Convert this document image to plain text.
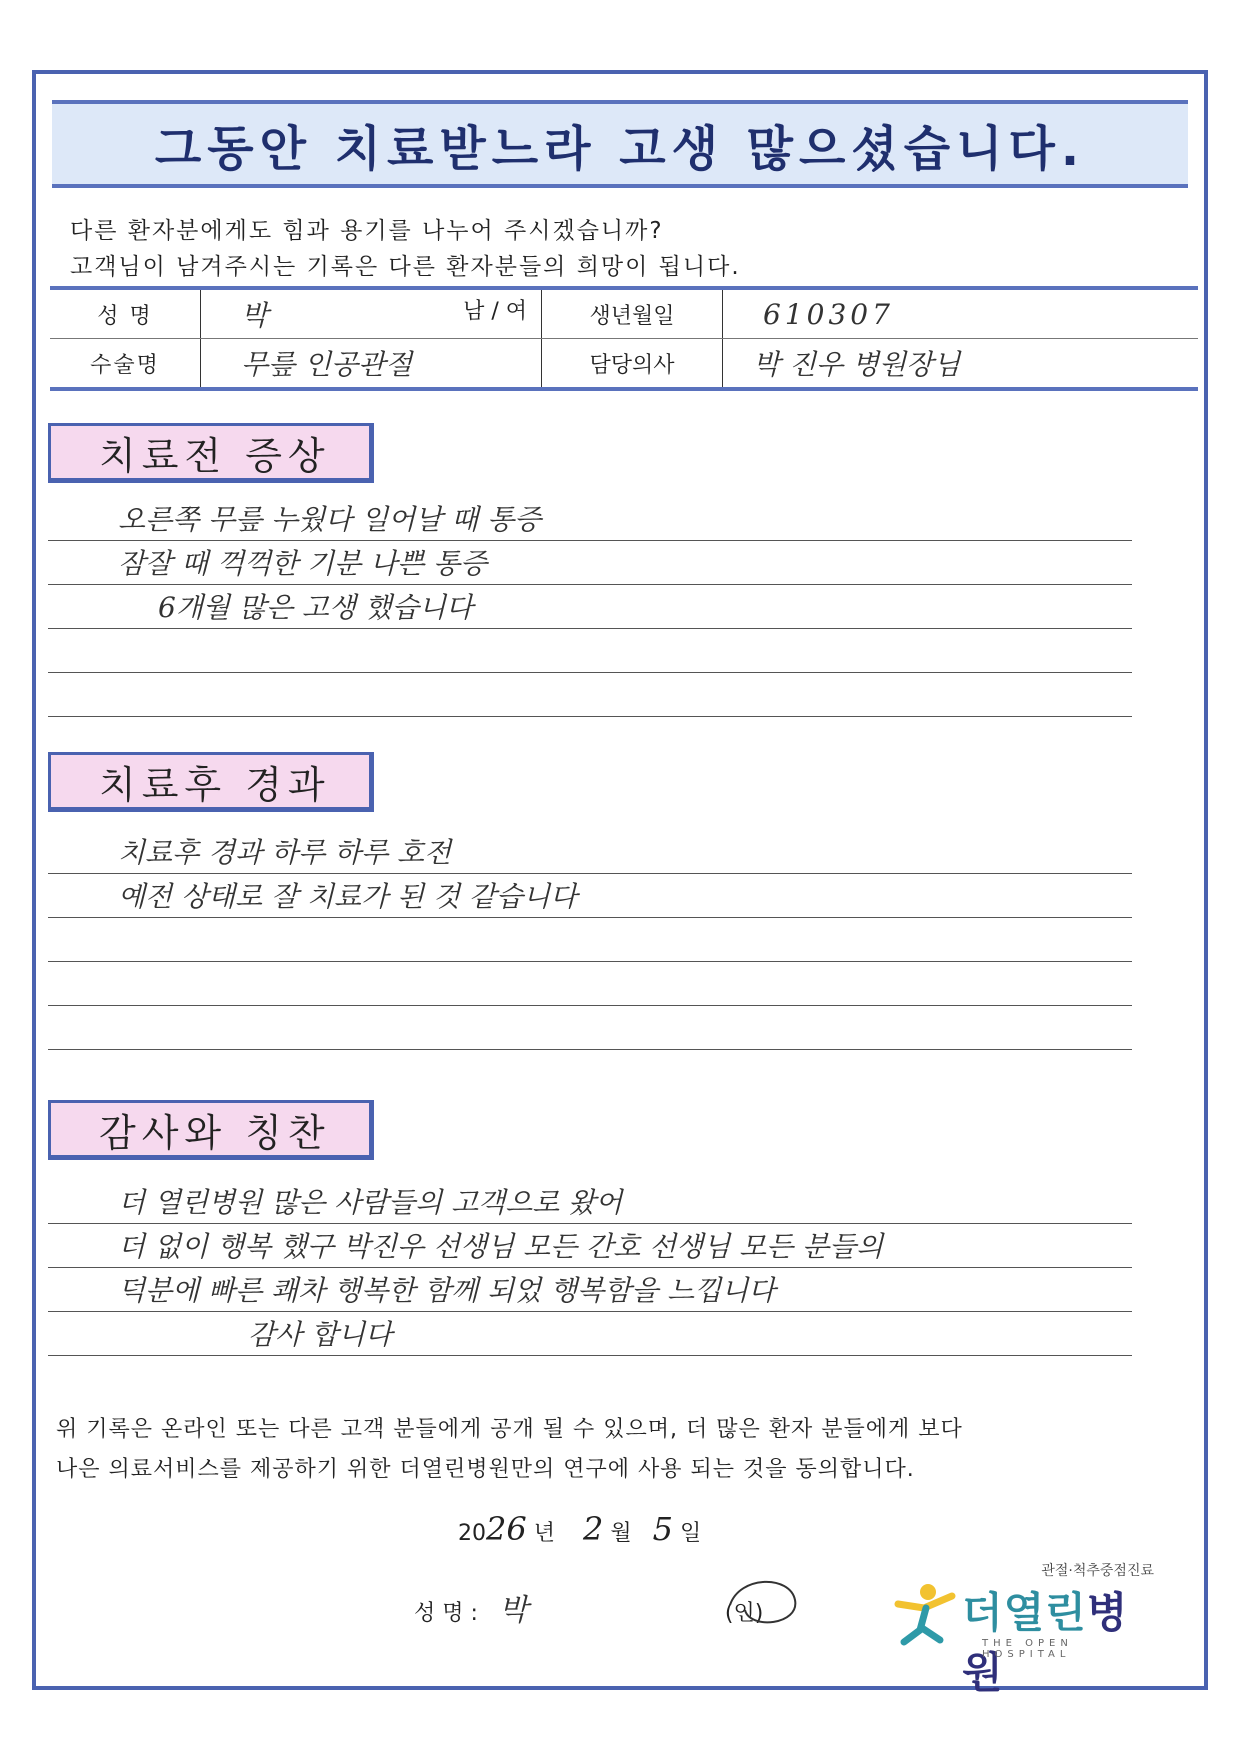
그동안 치료받느라 고생 많으셨습니다.
다른 환자분에게도 힘과 용기를 나누어 주시겠습니까?
고객님이 남겨주시는 기록은 다른 환자분들의 희망이 됩니다.
성 명	박 남 / 여	생년월일	610307
수술명	무릎 인공관절	담당의사	박 진우 병원장님
치료전 증상
오른쪽 무릎 누웠다 일어날 때 통증
잠잘 때 꺽꺽한 기분 나쁜 통증
6개월 많은 고생 했습니다
치료후 경과
치료후 경과 하루 하루 호전
예전 상태로 잘 치료가 된 것 같습니다
감사와 칭찬
더 열린병원 많은 사람들의 고객으로 왔어
더 없이 행복 했구 박진우 선생님 모든 간호 선생님 모든 분들의
덕분에 빠른 쾌차 행복한 함께 되었 행복함을 느낍니다
감사 합니다
위 기록은 온라인 또는 다른 고객 분들에게 공개 될 수 있으며, 더 많은 환자 분들에게 보다
나은 의료서비스를 제공하기 위한 더열린병원만의 연구에 사용 되는 것을 동의합니다.
2026 년 2 월 5 일
성 명 : 박	(인)
관절·척추중점진료
더열린병원
THE OPEN HOSPITAL
